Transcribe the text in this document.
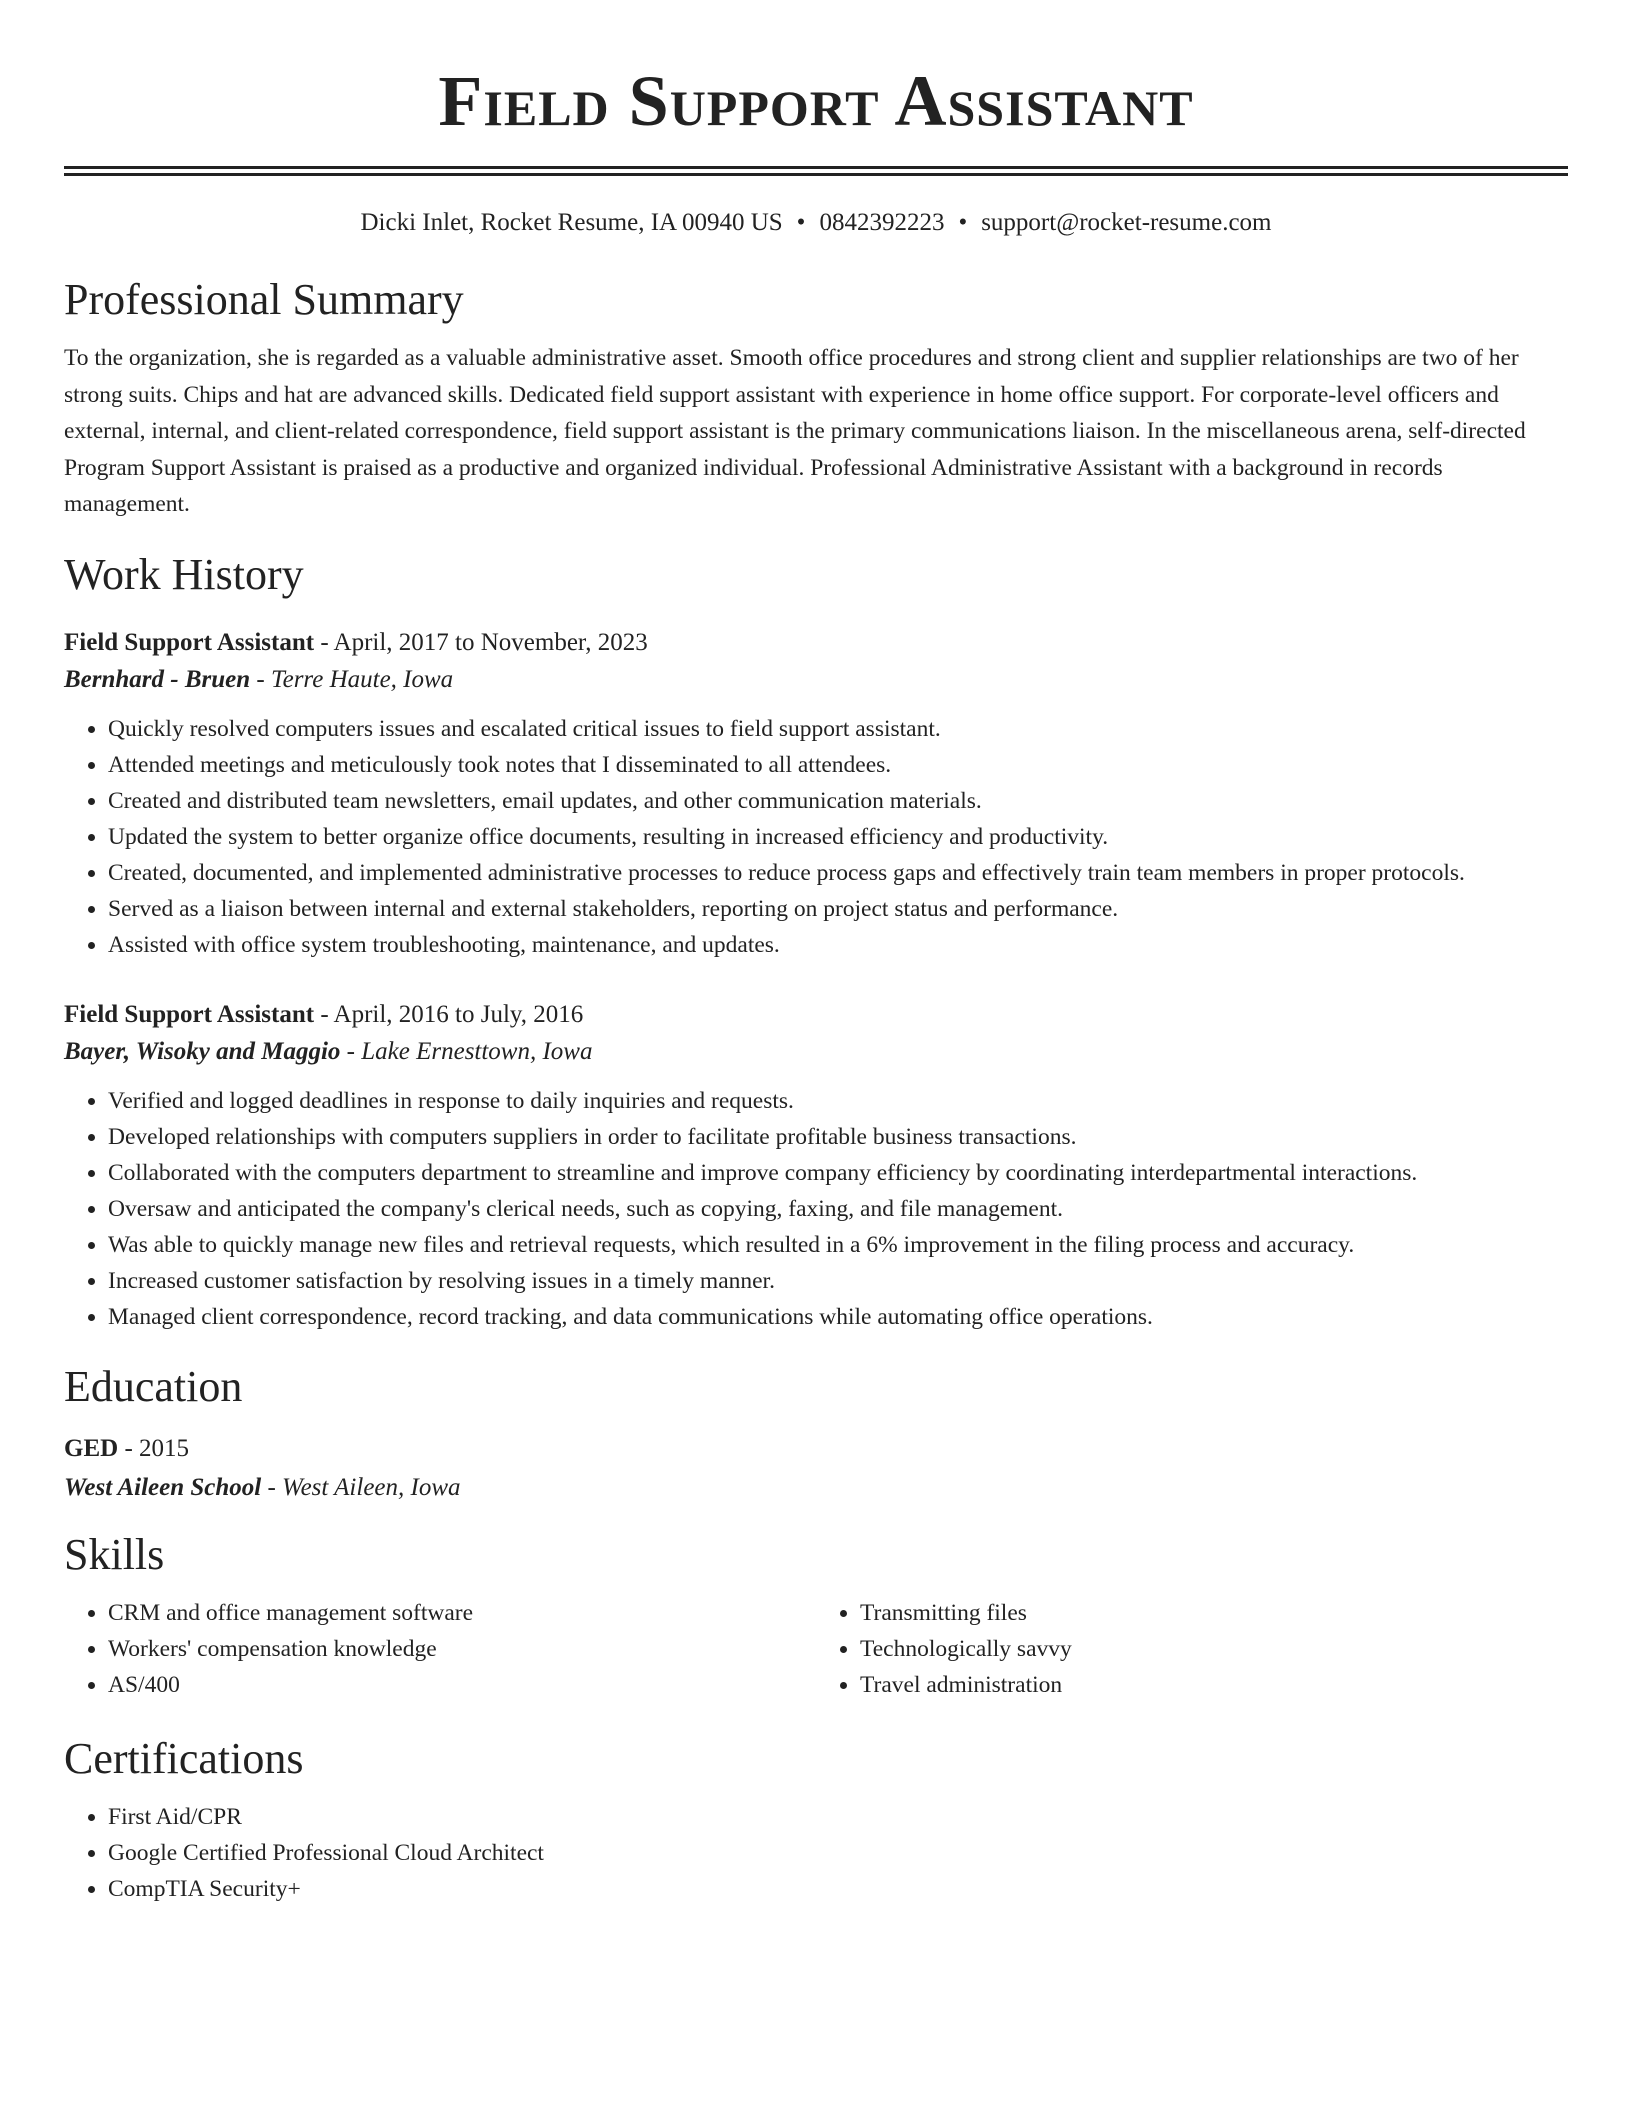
Field Support Assistant
Dicki Inlet, Rocket Resume, IA 00940 US • 0842392223 • support@rocket-resume.com
Professional Summary

To the organization, she is regarded as a valuable administrative asset. Smooth office procedures and strong client and supplier relationships are two of her strong suits. Chips and hat are advanced skills. Dedicated field support assistant with experience in home office support. For corporate-level officers and external, internal, and client-related correspondence, field support assistant is the primary communications liaison. In the miscellaneous arena, self-directed Program Support Assistant is praised as a productive and organized individual. Professional Administrative Assistant with a background in records management.

Work History
Field Support Assistant - April, 2017 to November, 2023
Bernhard - Bruen - Terre Haute, Iowa
• Quickly resolved computers issues and escalated critical issues to field support assistant.
• Attended meetings and meticulously took notes that I disseminated to all attendees.
• Created and distributed team newsletters, email updates, and other communication materials.
• Updated the system to better organize office documents, resulting in increased efficiency and productivity.
• Created, documented, and implemented administrative processes to reduce process gaps and effectively train team members in proper protocols.
• Served as a liaison between internal and external stakeholders, reporting on project status and performance.
• Assisted with office system troubleshooting, maintenance, and updates.
Field Support Assistant - April, 2016 to July, 2016
Bayer, Wisoky and Maggio - Lake Ernesttown, Iowa
• Verified and logged deadlines in response to daily inquiries and requests.
• Developed relationships with computers suppliers in order to facilitate profitable business transactions.
• Collaborated with the computers department to streamline and improve company efficiency by coordinating interdepartmental interactions.
• Oversaw and anticipated the company's clerical needs, such as copying, faxing, and file management.
• Was able to quickly manage new files and retrieval requests, which resulted in a 6% improvement in the filing process and accuracy.
• Increased customer satisfaction by resolving issues in a timely manner.
• Managed client correspondence, record tracking, and data communications while automating office operations.
Education
GED - 2015
West Aileen School - West Aileen, Iowa
Skills
• CRM and office management software
• Workers' compensation knowledge
• AS/400
• Transmitting files
• Technologically savvy
• Travel administration
Certifications
• First Aid/CPR
• Google Certified Professional Cloud Architect
• CompTIA Security+
